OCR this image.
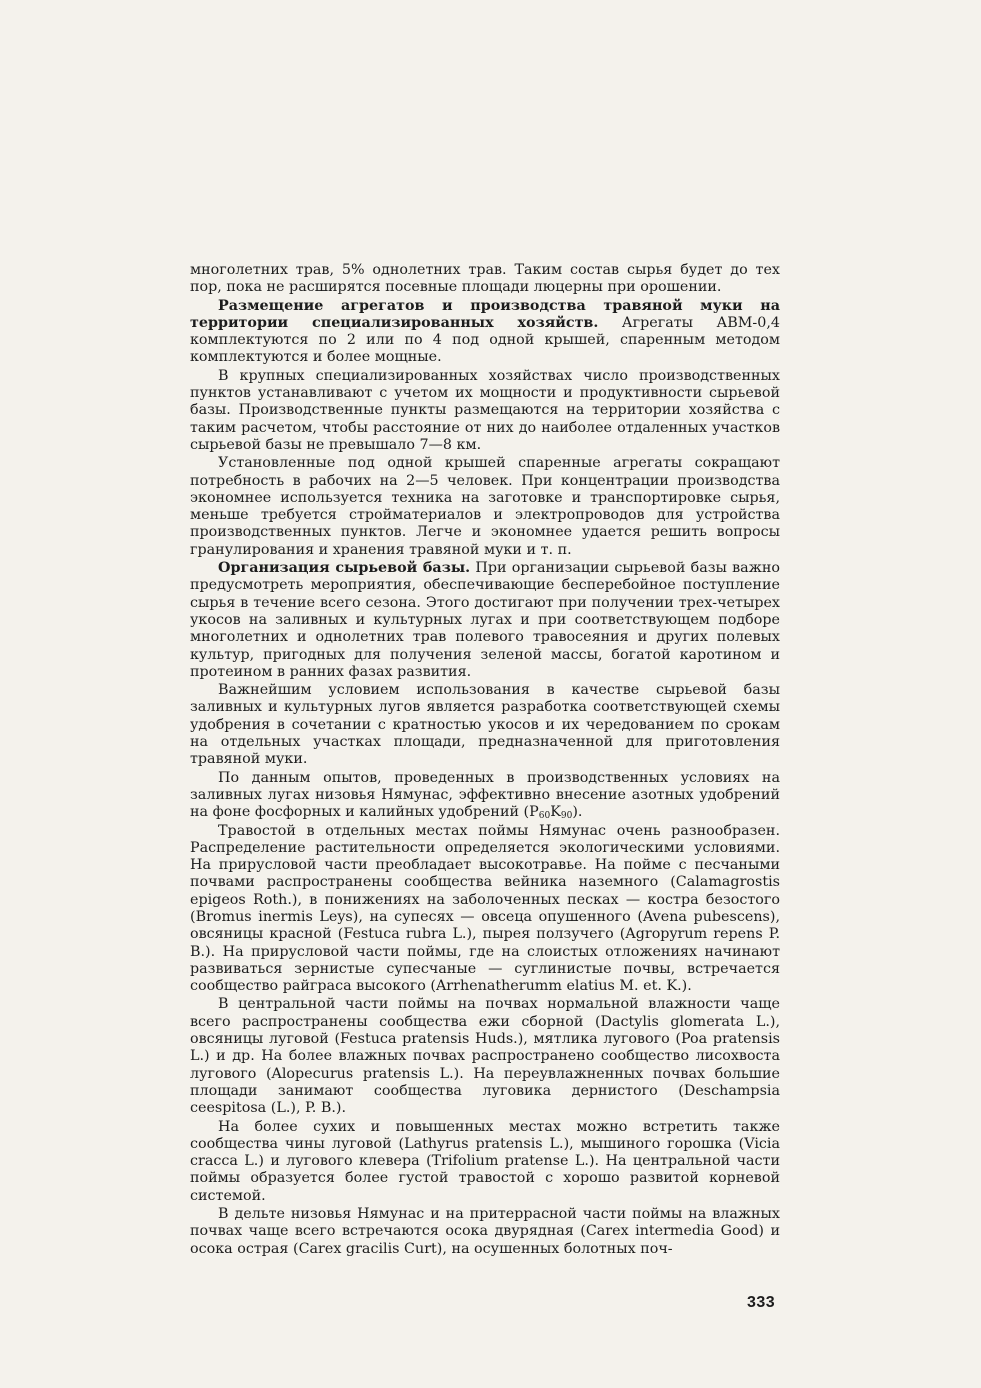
многолетних трав, 5% однолетних трав. Таким состав сырья будет до тех пор, пока не расширятся посевные площади люцерны при орошении.

Размещение агрегатов и производства травяной муки на территории специализированных хозяйств. Агрегаты АВМ-0,4 комплектуются по 2 или по 4 под одной крышей, спаренным методом комплектуются и более мощные.

В крупных специализированных хозяйствах число производственных пунктов устанавливают с учетом их мощности и продуктивности сырьевой базы. Производственные пункты размещаются на территории хозяйства с таким расчетом, чтобы расстояние от них до наиболее отдаленных участков сырьевой базы не превышало 7—8 км.

Установленные под одной крышей спаренные агрегаты сокращают потребность в рабочих на 2—5 человек. При концентрации производства экономнее используется техника на заготовке и транспортировке сырья, меньше требуется стройматериалов и электропроводов для устройства производственных пунктов. Легче и экономнее удается решить вопросы гранулирования и хранения травяной муки и т. п.

Организация сырьевой базы. При организации сырьевой базы важно предусмотреть мероприятия, обеспечивающие бесперебойное поступление сырья в течение всего сезона. Этого достигают при получении трех-четырех укосов на заливных и культурных лугах и при соответствующем подборе многолетних и однолетних трав полевого травосеяния и других полевых культур, пригодных для получения зеленой массы, богатой каротином и протеином в ранних фазах развития.

Важнейшим условием использования в качестве сырьевой базы заливных и культурных лугов является разработка соответствующей схемы удобрения в сочетании с кратностью укосов и их чередованием по срокам на отдельных участках площади, предназначенной для приготовления травяной муки.

По данным опытов, проведенных в производственных условиях на заливных лугах низовья Нямунас, эффективно внесение азотных удобрений на фоне фосфорных и калийных удобрений $(P_{60}K_{90})$.

Травостой в отдельных местах поймы Нямунас очень разнообразен. Распределение растительности определяется экологическими условиями. На прирусловой части преобладает высокотравье. На пойме с песчаными почвами распространены сообщества вейника наземного (Calamagrostis epigeos Roth.), в понижениях на заболоченных песках — костра безостого (Bromus inermis Leys), на супесях — овсеца опушенного (Avena pubescens), овсяницы красной (Festuca rubra L.), пырея ползучего (Agropyrum repens P. B.). На прирусловой части поймы, где на слоистых отложениях начинают развиваться зернистые супесчаные — суглинистые почвы, встречается сообщество райграса высокого (Arrhenatherumm elatius M. et. K.).

В центральной части поймы на почвах нормальной влажности чаще всего распространены сообщества ежи сборной (Dactylis glomerata L.), овсяницы луговой (Festuca pratensis Huds.), мятлика лугового (Poa pratensis L.) и др. На более влажных почвах распространено сообщество лисохвоста лугового (Alopecurus pratensis L.). На переувлажненных почвах большие площади занимают сообщества луговика дернистого (Deschampsia ceespitosa (L.), P. B.).

На более сухих и повышенных местах можно встретить также сообщества чины луговой (Lathyrus pratensis L.), мышиного горошка (Vicia cracca L.) и лугового клевера (Trifolium pratense L.). На центральной части поймы образуется более густой травостой с хорошо развитой корневой системой.

В дельте низовья Нямунас и на притеррасной части поймы на влажных почвах чаще всего встречаются осока двурядная (Carex intermedia Good) и осока острая (Carex gracilis Curt), на осушенных болотных поч-

333
